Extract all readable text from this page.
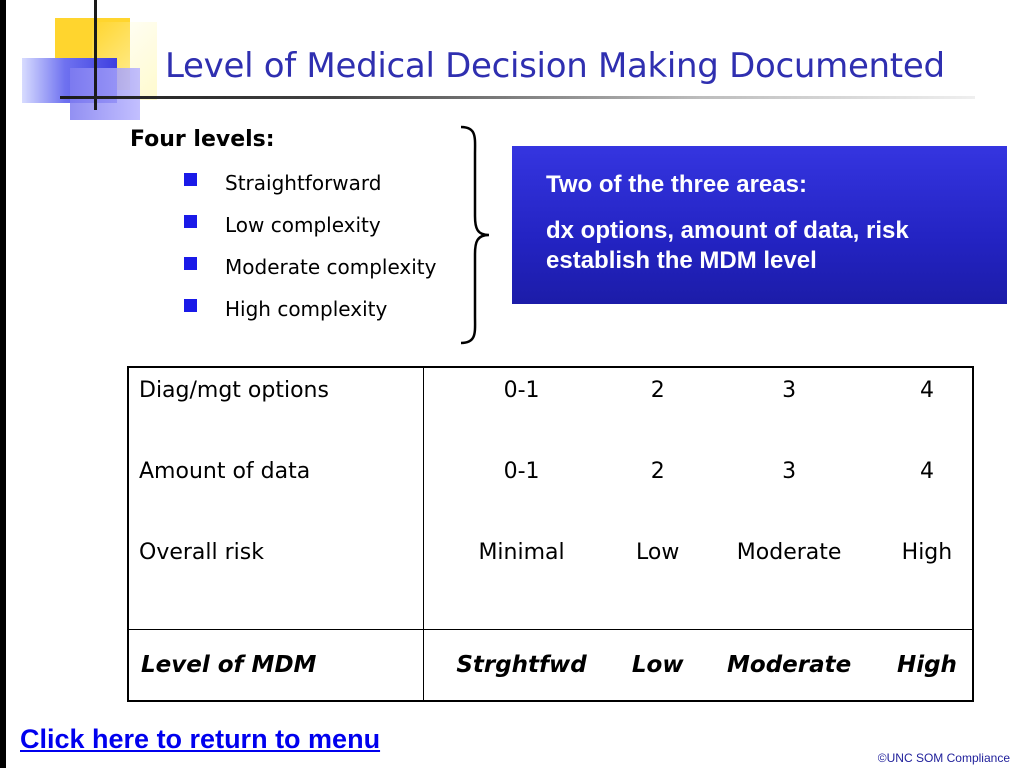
Level of Medical Decision Making Documented

Four levels:

Straightforward
Low complexity
Moderate complexity
High complexity

Two of the three areas:

dx options, amount of data, risk establish the MDM level

Diag/mgt options	0-1	2	3	4
Amount of data	0-1	2	3	4
Overall risk	Minimal	Low	Moderate	High
Level of MDM	Strghtfwd	Low	Moderate	High
Click here to return to menu
©UNC SOM Compliance
